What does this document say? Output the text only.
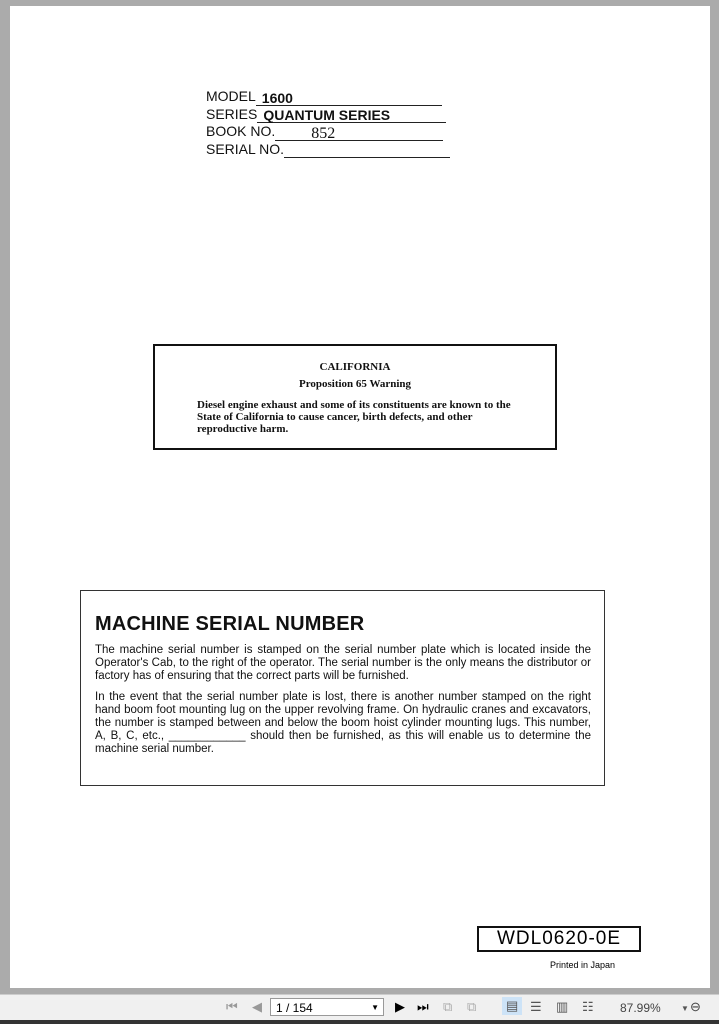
MODEL 1600
SERIES QUANTUM SERIES
BOOK NO.	852
SERIAL NO.
CALIFORNIA
Proposition 65 Warning
Diesel engine exhaust and some of its constituents are known to the State of California to cause cancer, birth defects, and other reproductive harm.
MACHINE SERIAL NUMBER

The machine serial number is stamped on the serial number plate which is located inside the Operator's Cab, to the right of the operator. The serial number is the only means the distributor or factory has of ensuring that the correct parts will be furnished.

In the event that the serial number plate is lost, there is another number stamped on the right hand boom foot mounting lug on the upper revolving frame. On hydraulic cranes and excavators, the number is stamped between and below the boom hoist cylinder mounting lugs. This number, A, B, C, etc., ____________ should then be furnished, as this will enable us to determine the machine serial number.

WDL0620-0E
Printed in Japan
⏮ ◀	1 / 154	▼ ▶ ⏭ ⧉ ⧉	▤ ☰ ▥ ☷ 87.99%	▼ ⊖
